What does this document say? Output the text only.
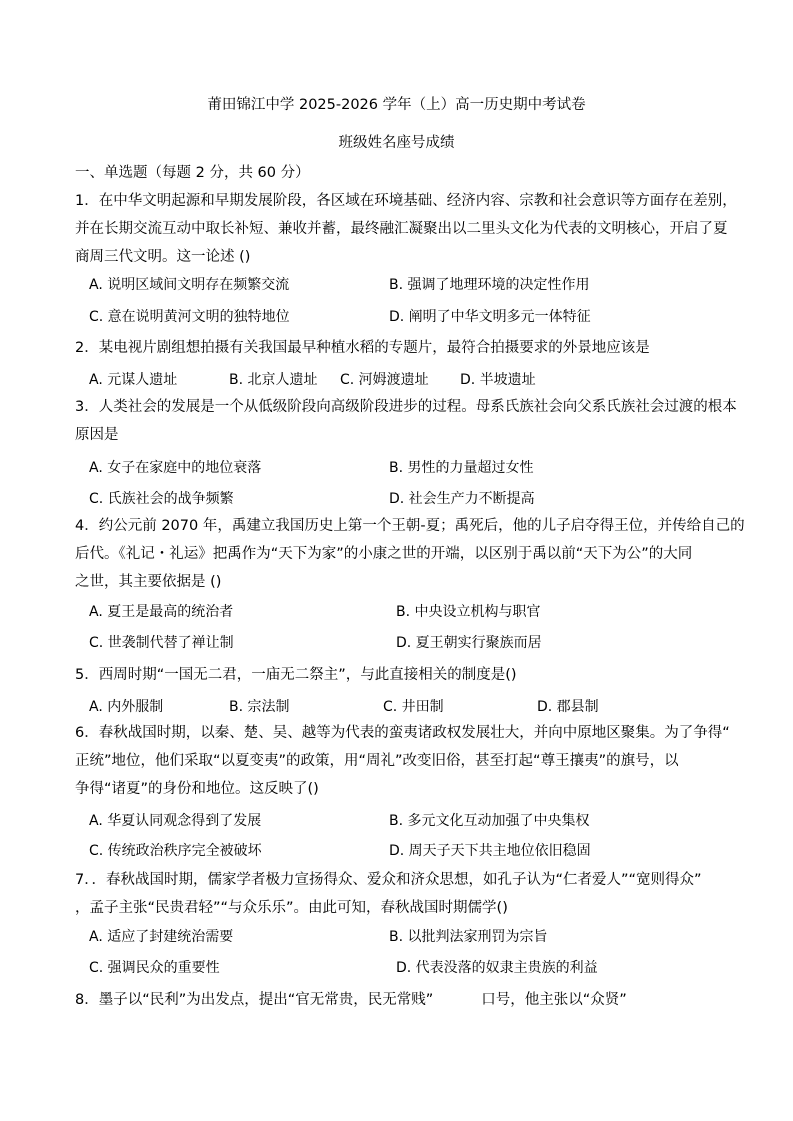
莆田锦江中学 2025-2026 学年（上）高一历史期中考试卷
班级姓名座号成绩
一、单选题（每题 2 分，共 60 分）
1．在中华文明起源和早期发展阶段，各区域在环境基础、经济内容、宗教和社会意识等方面存在差别，
并在长期交流互动中取长补短、兼收并蓄，最终融汇凝聚出以二里头文化为代表的文明核心，开启了夏
商周三代文明。这一论述 ()
A. 说明区域间文明存在频繁交流	B. 强调了地理环境的决定性作用
C. 意在说明黄河文明的独特地位	D. 阐明了中华文明多元一体特征
2．某电视片剧组想拍摄有关我国最早种植水稻的专题片，最符合拍摄要求的外景地应该是
A. 元谋人遗址	B. 北京人遗址 C. 河姆渡遗址 D. 半坡遗址
3．人类社会的发展是一个从低级阶段向高级阶段进步的过程。母系氏族社会向父系氏族社会过渡的根本
原因是
A. 女子在家庭中的地位衰落	B. 男性的力量超过女性
C. 氏族社会的战争频繁	D. 社会生产力不断提高
4．约公元前 2070 年，禹建立我国历史上第一个王朝-夏；禹死后，他的儿子启夺得王位，并传给自己的
后代。《礼记・礼运》把禹作为“天下为家”的小康之世的开端，以区别于禹以前“天下为公”的大同
之世，其主要依据是 ()
A. 夏王是最高的统治者	B. 中央设立机构与职官
C. 世袭制代替了禅让制	D. 夏王朝实行聚族而居
5．西周时期“一国无二君，一庙无二祭主”，与此直接相关的制度是()
A. 内外服制	B. 宗法制	C. 井田制	D. 郡县制
6．春秋战国时期，以秦、楚、吴、越等为代表的蛮夷诸政权发展壮大，并向中原地区聚集。为了争得“
正统”地位，他们采取“以夏变夷”的政策，用“周礼”改变旧俗，甚至打起“尊王攘夷”的旗号，以
争得“诸夏”的身份和地位。这反映了()
A. 华夏认同观念得到了发展	B. 多元文化互动加强了中央集权
C. 传统政治秩序完全被破坏	D. 周天子天下共主地位依旧稳固
7．．春秋战国时期，儒家学者极力宣扬得众、爱众和济众思想，如孔子认为“仁者爱人”“宽则得众”
，孟子主张“民贵君轻”“与众乐乐”。由此可知，春秋战国时期儒学()
A. 适应了封建统治需要	B. 以批判法家刑罚为宗旨
C. 强调民众的重要性	D. 代表没落的奴隶主贵族的利益
8．墨子以“民利”为出发点，提出“官无常贵，民无常贱”	口号，他主张以“众贤”
